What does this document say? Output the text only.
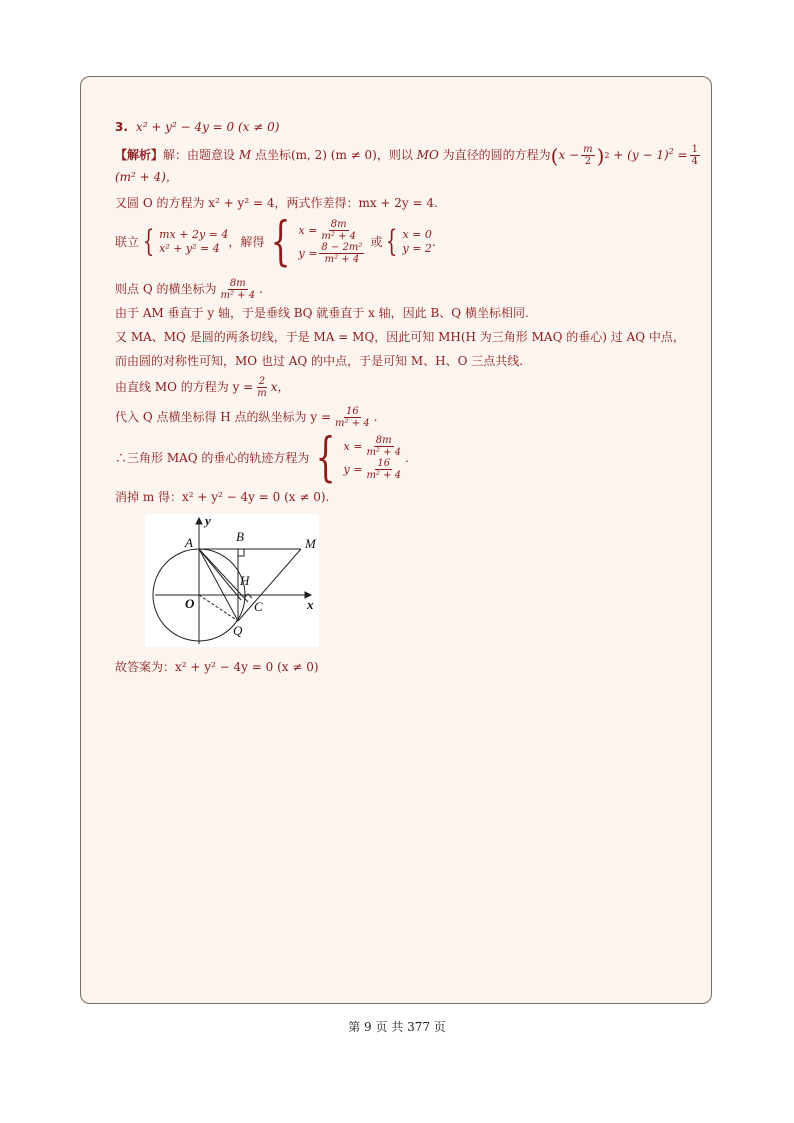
3. x² + y² − 4y = 0 (x ≠ 0)
【解析】 解：由题意设 M 点坐标 (m, 2) (m ≠ 0)，则以 MO 为直径的圆的方程为 ( $x - \frac{m}{2}$ ) $2 + (y - 1)^2 = \frac{1}{4}$
(m² + 4)，
又圆 O 的方程为 x² + y² = 4，两式作差得：mx + 2y = 4.
联立 { mx + 2y = 4
x² + y² = 4 ，解得 { $x = \frac{8m}{\text{m² + 4}}$
$y = \frac{\text{8 − 2m²}}{\text{m² + 4}}$
或 { x = 0
y = 2 .
则点 Q 的横坐标为 $\frac{8m}{\text{m² + 4}}$ .
由于 AM 垂直于 y 轴，于是垂线 BQ 就垂直于 x 轴，因此 B、Q 横坐标相同.
又 MA、MQ 是圆的两条切线，于是 MA = MQ，因此可知 MH(H 为三角形 MAQ 的垂心) 过 AQ 中点，
而由圆的对称性可知，MO 也过 AQ 的中点，于是可知 M、H、O 三点共线.
由直线 MO 的方程为 $y = \frac{2}{m}$ x，
代入 Q 点横坐标得 H 点的纵坐标为 $y = \frac{16}{\text{m² + 4}}$ .
∴三角形 MAQ 的垂心的轨迹方程为 { $x = \frac{8m}{\text{m² + 4}}$
$y = \frac{16}{\text{m² + 4}}$
.
消掉 m 得：x² + y² − 4y = 0 (x ≠ 0).
故答案为：x² + y² − 4y = 0 (x ≠ 0)
y
x
A	B	M
H
O	C
Q
第 9 页 共 377 页
